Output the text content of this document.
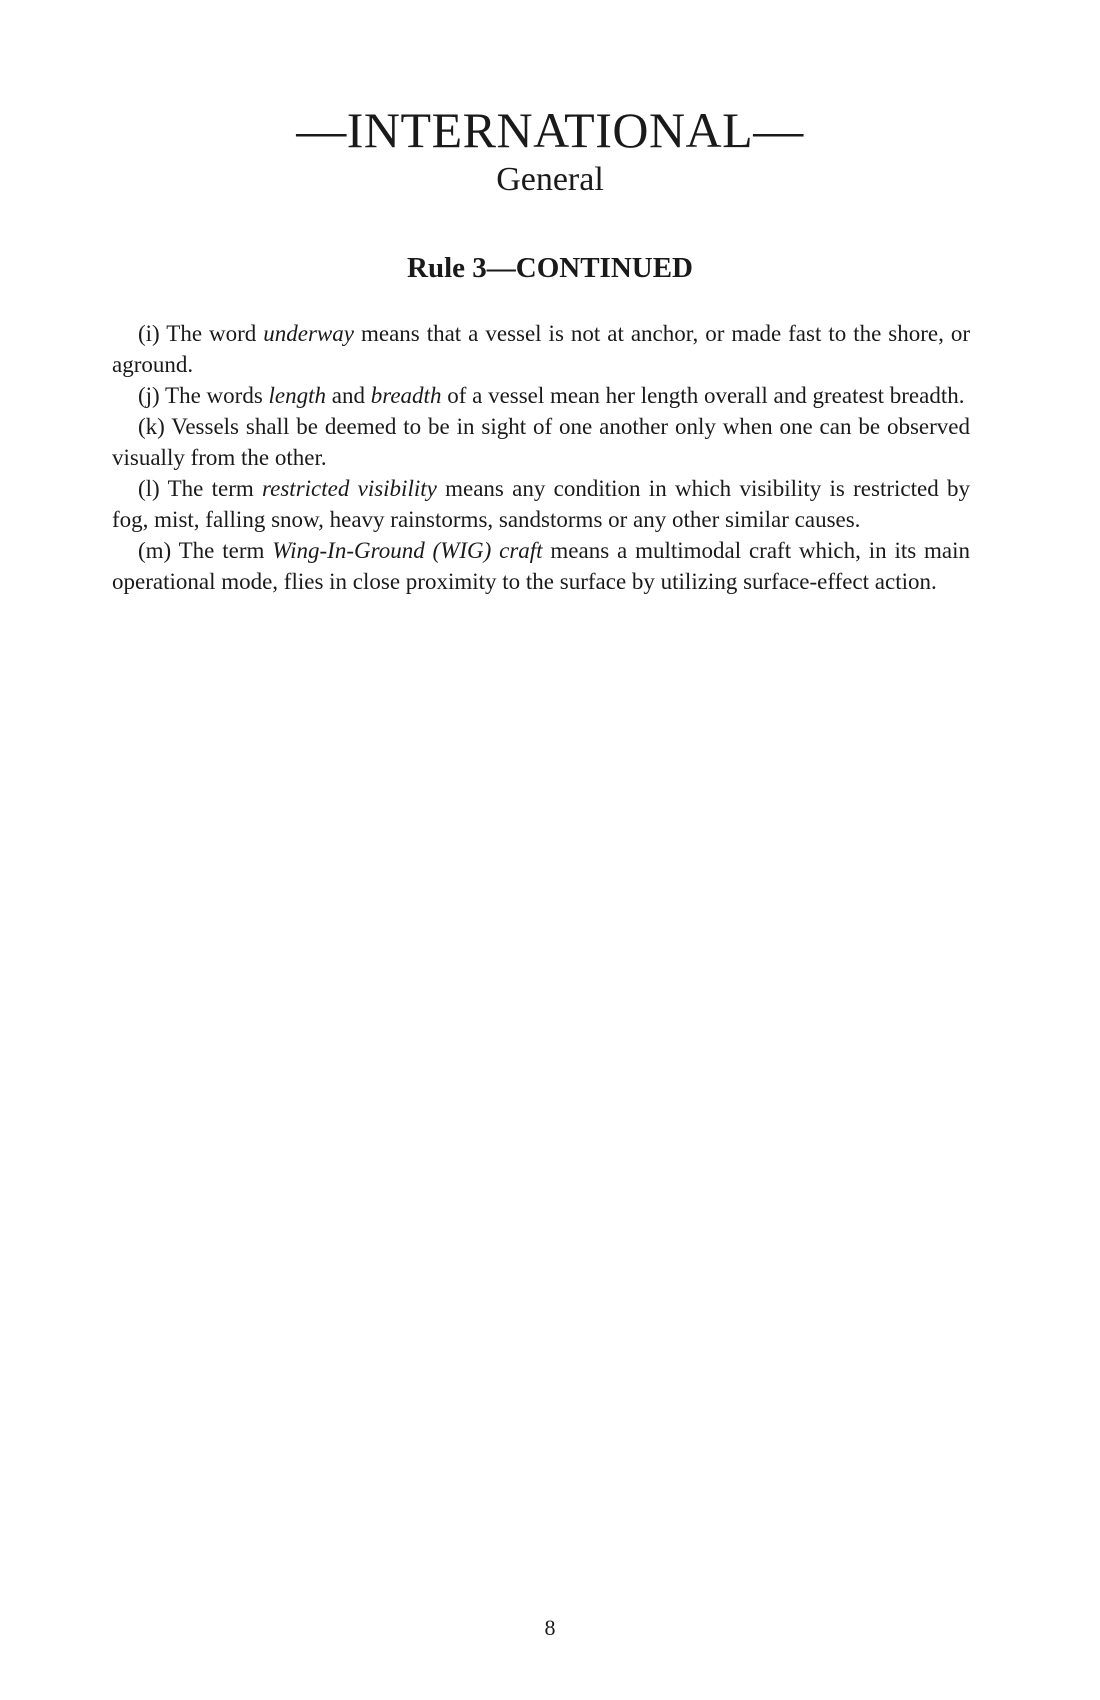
—INTERNATIONAL—
General
Rule 3—CONTINUED

(i) The word underway means that a vessel is not at anchor, or made fast to the shore, or aground.

(j) The words length and breadth of a vessel mean her length overall and greatest breadth.

(k) Vessels shall be deemed to be in sight of one another only when one can be observed visually from the other.

(l) The term restricted visibility means any condition in which visibility is restricted by fog, mist, falling snow, heavy rainstorms, sandstorms or any other similar causes.

(m) The term Wing-In-Ground (WIG) craft means a multimodal craft which, in its main operational mode, flies in close proximity to the surface by utilizing surface-effect action.

8
